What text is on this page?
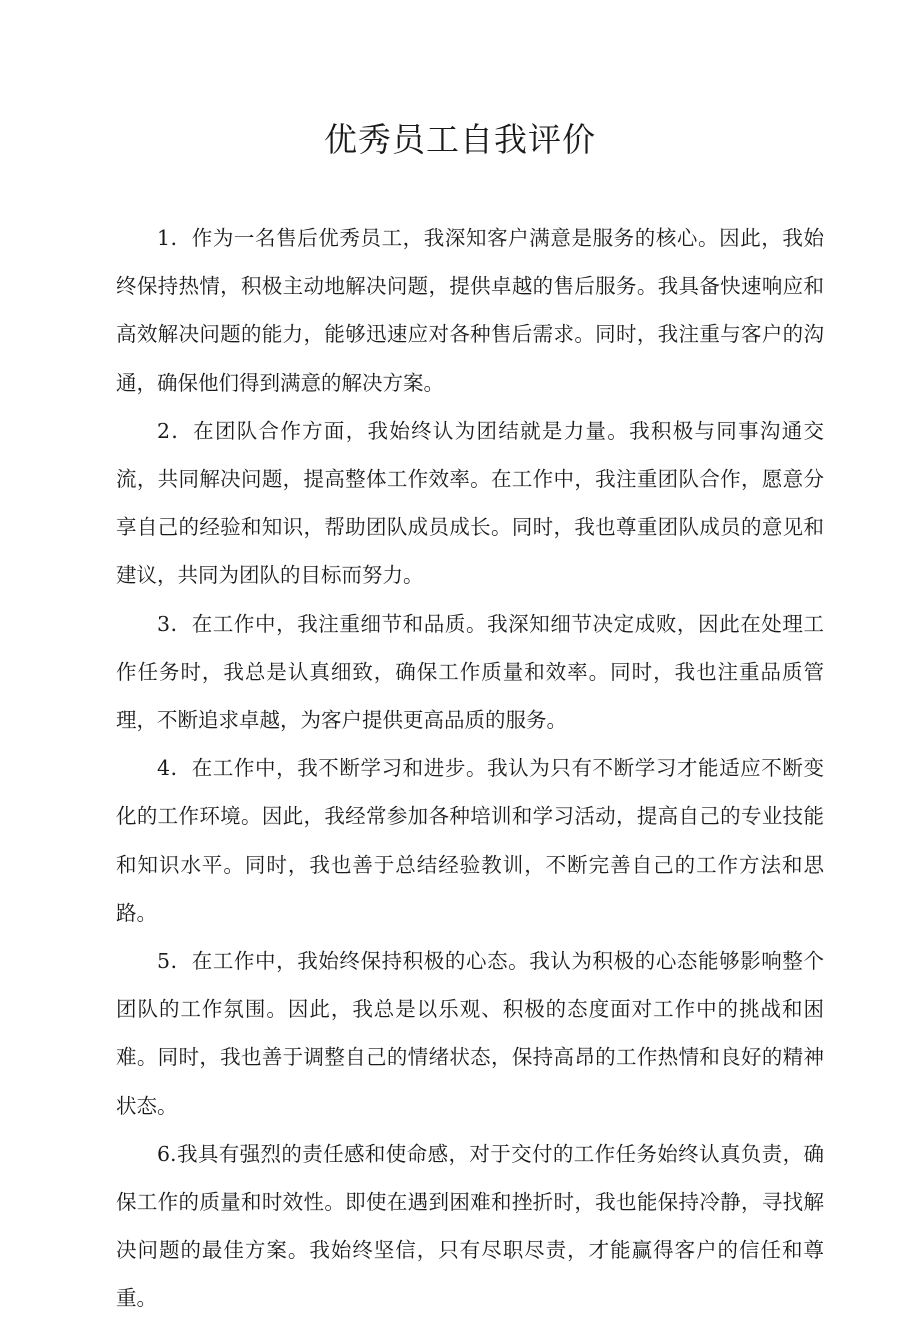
优秀员工自我评价

1．作为一名售后优秀员工，我深知客户满意是服务的核心。因此，我始终保持热情，积极主动地解决问题，提供卓越的售后服务。我具备快速响应和高效解决问题的能力，能够迅速应对各种售后需求。同时，我注重与客户的沟通，确保他们得到满意的解决方案。

2．在团队合作方面，我始终认为团结就是力量。我积极与同事沟通交流，共同解决问题，提高整体工作效率。在工作中，我注重团队合作，愿意分享自己的经验和知识，帮助团队成员成长。同时，我也尊重团队成员的意见和建议，共同为团队的目标而努力。

3．在工作中，我注重细节和品质。我深知细节决定成败，因此在处理工作任务时，我总是认真细致，确保工作质量和效率。同时，我也注重品质管理，不断追求卓越，为客户提供更高品质的服务。

4．在工作中，我不断学习和进步。我认为只有不断学习才能适应不断变化的工作环境。因此，我经常参加各种培训和学习活动，提高自己的专业技能和知识水平。同时，我也善于总结经验教训，不断完善自己的工作方法和思路。

5．在工作中，我始终保持积极的心态。我认为积极的心态能够影响整个团队的工作氛围。因此，我总是以乐观、积极的态度面对工作中的挑战和困难。同时，我也善于调整自己的情绪状态，保持高昂的工作热情和良好的精神状态。

6.我具有强烈的责任感和使命感，对于交付的工作任务始终认真负责，确保工作的质量和时效性。即使在遇到困难和挫折时，我也能保持冷静，寻找解决问题的最佳方案。我始终坚信，只有尽职尽责，才能赢得客户的信任和尊重。
